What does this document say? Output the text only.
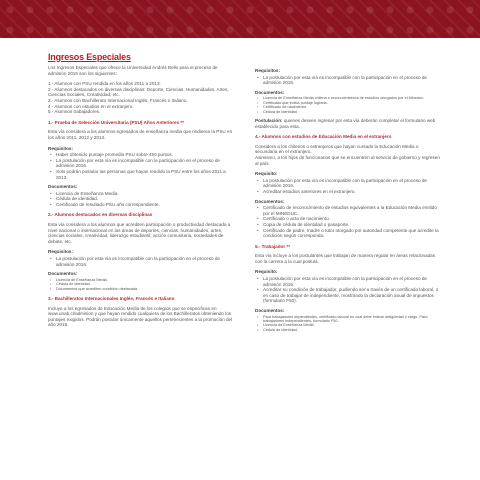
Ingresos Especiales

Los Ingresos Especiales que ofrece la Universidad Andrés Bello para el proceso de admisión 2016 son los siguientes:

1.- Alumnos con PSU rendida en los años 2011 a 2013.
2.- Alumnos destacados en diversas disciplinas: Deporte, Ciencias, Humanidades, Artes, Ciencias Sociales, Creatividad, etc.
3.- Alumnos con Bachillerato Internacional Inglés, Francés o Italiano.
4.- Alumnos con estudios en el extranjero.
5.- Alumnos trabajadores.
1.- Prueba de Selección Universitaria (PSU) Años Anteriores **

Esta vía considera a los alumnos egresados de enseñanza media que rindieron la PSU en los años 2011, 2012 y 2013.

Requisitos:
• Haber obtenido puntaje promedio PSU sobre 450 puntos.
• La postulación por esta vía es incompatible con la participación en el proceso de admisión 2016.
• Solo podrán postular las personas que hayan rendido la PSU entre los años 2011 a 2013.
Documentos:
• Licencia de Enseñanza Media.
• Cédula de identidad.
• Certificado de resultado PSU año correspondiente.
2.- Alumnos destacados en diversas disciplinas

Esta vía considera a los alumnos que acrediten participación o productividad destacada a nivel nacional o internacional en las áreas de deportes, ciencias, humanidades, artes, ciencias sociales, creatividad, liderazgo estudiantil, acción comunitaria, sociedades de debate, etc.

Requisitos:
• La postulación por esta vía es incompatible con la participación en el proceso de admisión 2016.
Documentos:
• Licencia de Enseñanza Media.
• Cédula de identidad.
• Documentos que acrediten condición destacada.
3.- Bachilleratos Internacionales Inglés, Francés e Italiano

Incluye a los egresados de Educación Media de los colegios que se especifican en www.unab.cl/admision y que hayan rendido cualquiera de los Bachilleratos obteniendo los puntajes exigidos. Podrán postular únicamente aquellos pertenecientes a la promoción del año 2015.

Requisitos:
• La postulación por esta vía es incompatible con la participación en el proceso de admisión 2016.
Documentos:
• Licencia de Enseñanza Media chilena o reconocimientos de estudios otorgados por el Mineduc.
• Certificado que indica puntaje logrado.
• Certificado de nacimiento.
• Cédula de identidad.

Postulación: quienes deseen ingresar por esta vía deberán completar el formulario web establecido para esta.

4.- Alumnos con estudios de Educación Media en el extranjero

Considera a los chilenos o extranjeros que hayan cursado la Educación Media o secundaria en el extranjero.

Asimismo, a los hijos de funcionarios que se encuentren al servicio de gobierno y regresen al país.

Requisito:
• La postulación por esta vía es incompatible con la participación en el proceso de admisión 2016.
• Acreditar estudios anteriores en el extranjero.
Documentos:
• Certificado de reconocimiento de estudios equivalentes a la Educación Media emitido por el MINEDUC.
• Certificado o acta de nacimiento.
• Copia de cédula de identidad o pasaporte.
• Certificado de padre, madre o tutor otorgado por autoridad competente que acredite la condición según corresponda.
5.- Trabajador **

Esta vía incluye a los postulantes que trabajan de manera regular en áreas relacionadas con la carrera a la cual postula.

Requisito:
• La postulación por esta vía es incompatible con la participación en el proceso de admisión 2016.
• Acreditar su condición de trabajador, pudiendo ser a través de un certificado laboral, o en caso de trabajar de independiente, mostrando la declaración anual de impuestos (formulario F50).
Documentos:
• Para trabajadores dependientes, certificado laboral en cual debe indicar antigüedad y cargo. Para trabajadores independientes, formulario F50.
• Licencia de Enseñanza Media.
• Cédula de identidad.
